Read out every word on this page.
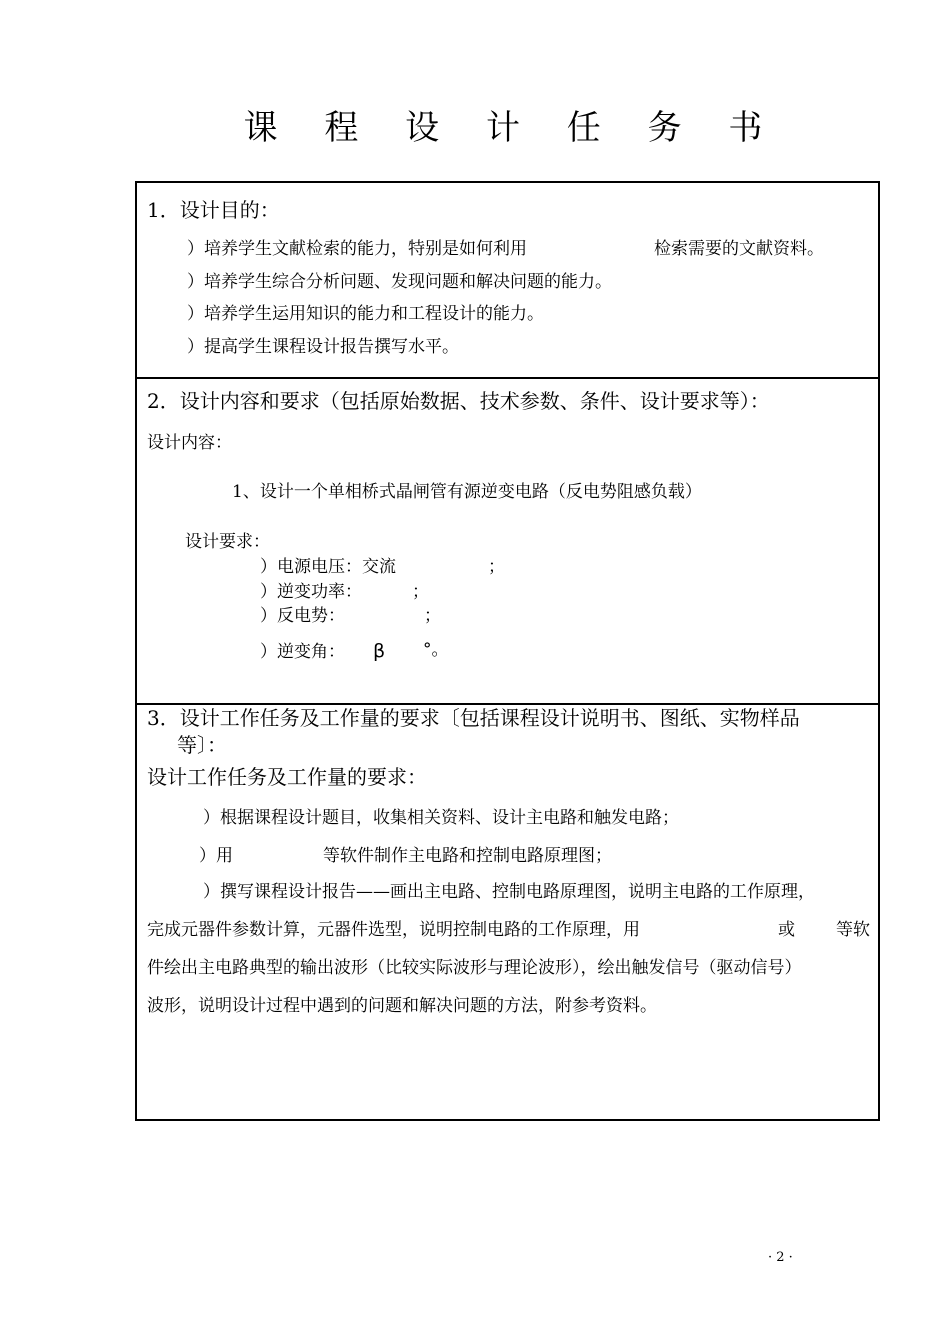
课 程 设 计 任 务 书
1．设计目的：
）培养学生文献检索的能力，特别是如何利用	检索需要的文献资料。
）培养学生综合分析问题、发现问题和解决问题的能力。
）培养学生运用知识的能力和工程设计的能力。
）提高学生课程设计报告撰写水平。
2．设计内容和要求（包括原始数据、技术参数、条件、设计要求等）：
设计内容：
1、设计一个单相桥式晶闸管有源逆变电路（反电势阻感负载）
设计要求：
）电源电压：交流	；
）逆变功率：	；
）反电势：	；
）逆变角： β °。
3．设计工作任务及工作量的要求〔包括课程设计说明书、图纸、实物样品
等〕：
设计工作任务及工作量的要求：
）根据课程设计题目，收集相关资料、设计主电路和触发电路；
）用	等软件制作主电路和控制电路原理图；
）撰写课程设计报告——画出主电路、控制电路原理图，说明主电路的工作原理，
完成元器件参数计算，元器件选型，说明控制电路的工作原理，用	或 等软
件绘出主电路典型的输出波形（比较实际波形与理论波形），绘出触发信号（驱动信号）
波形，说明设计过程中遇到的问题和解决问题的方法，附参考资料。
· 2 ·
